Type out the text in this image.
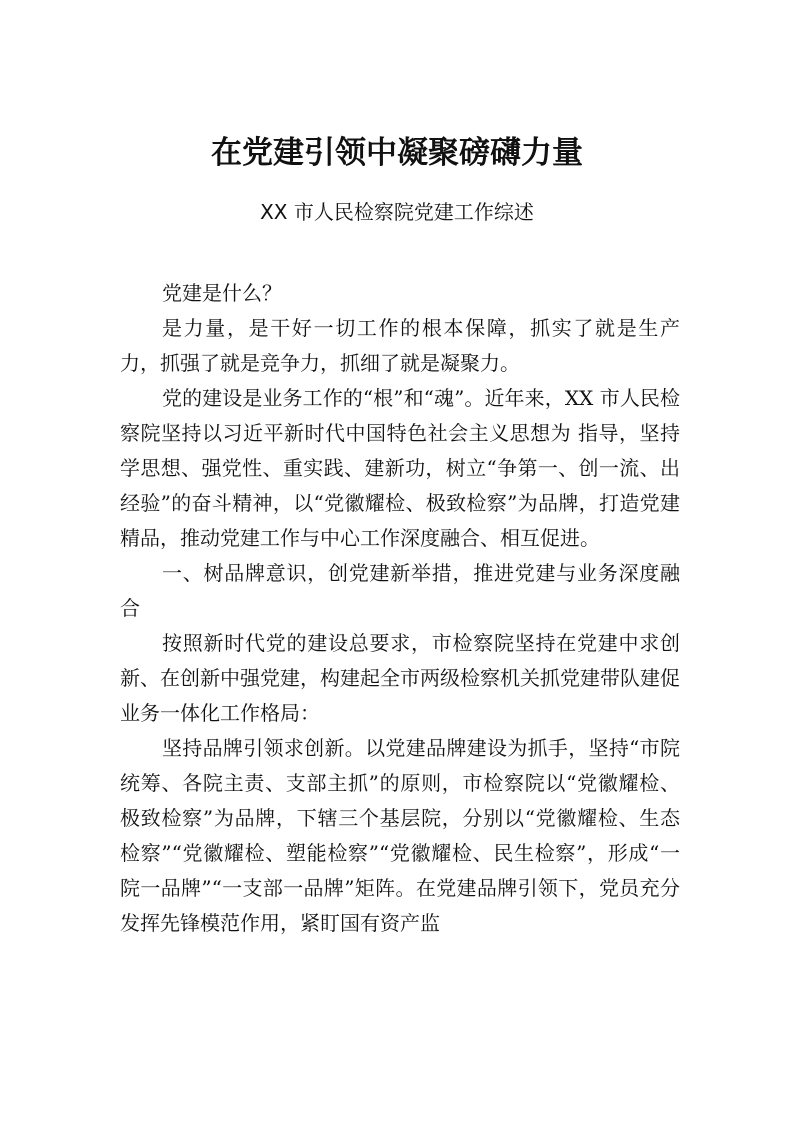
在党建引领中凝聚磅礴力量
XX 市人民检察院党建工作综述

党建是什么？

是力量，是干好一切工作的根本保障，抓实了就是生产力，抓强了就是竞争力，抓细了就是凝聚力。

党的建设是业务工作的“根”和“魂”。近年来，XX 市人民检察院坚持以习近平新时代中国特色社会主义思想为 指导，坚持学思想、强党性、重实践、建新功，树立“争第一、创一流、出经验”的奋斗精神，以“党徽耀检、极致检察”为品牌，打造党建精品，推动党建工作与中心工作深度融合、相互促进。

一、树品牌意识，创党建新举措，推进党建与业务深度融合

按照新时代党的建设总要求，市检察院坚持在党建中求创新、在创新中强党建，构建起全市两级检察机关抓党建带队建促业务一体化工作格局：

坚持品牌引领求创新。以党建品牌建设为抓手，坚持“市院统筹、各院主责、支部主抓”的原则，市检察院以“党徽耀检、极致检察”为品牌，下辖三个基层院，分别以“党徽耀检、生态检察”“党徽耀检、塑能检察”“党徽耀检、民生检察”，形成“一院一品牌”“一支部一品牌”矩阵。在党建品牌引领下，党员充分发挥先锋模范作用，紧盯国有资产监
